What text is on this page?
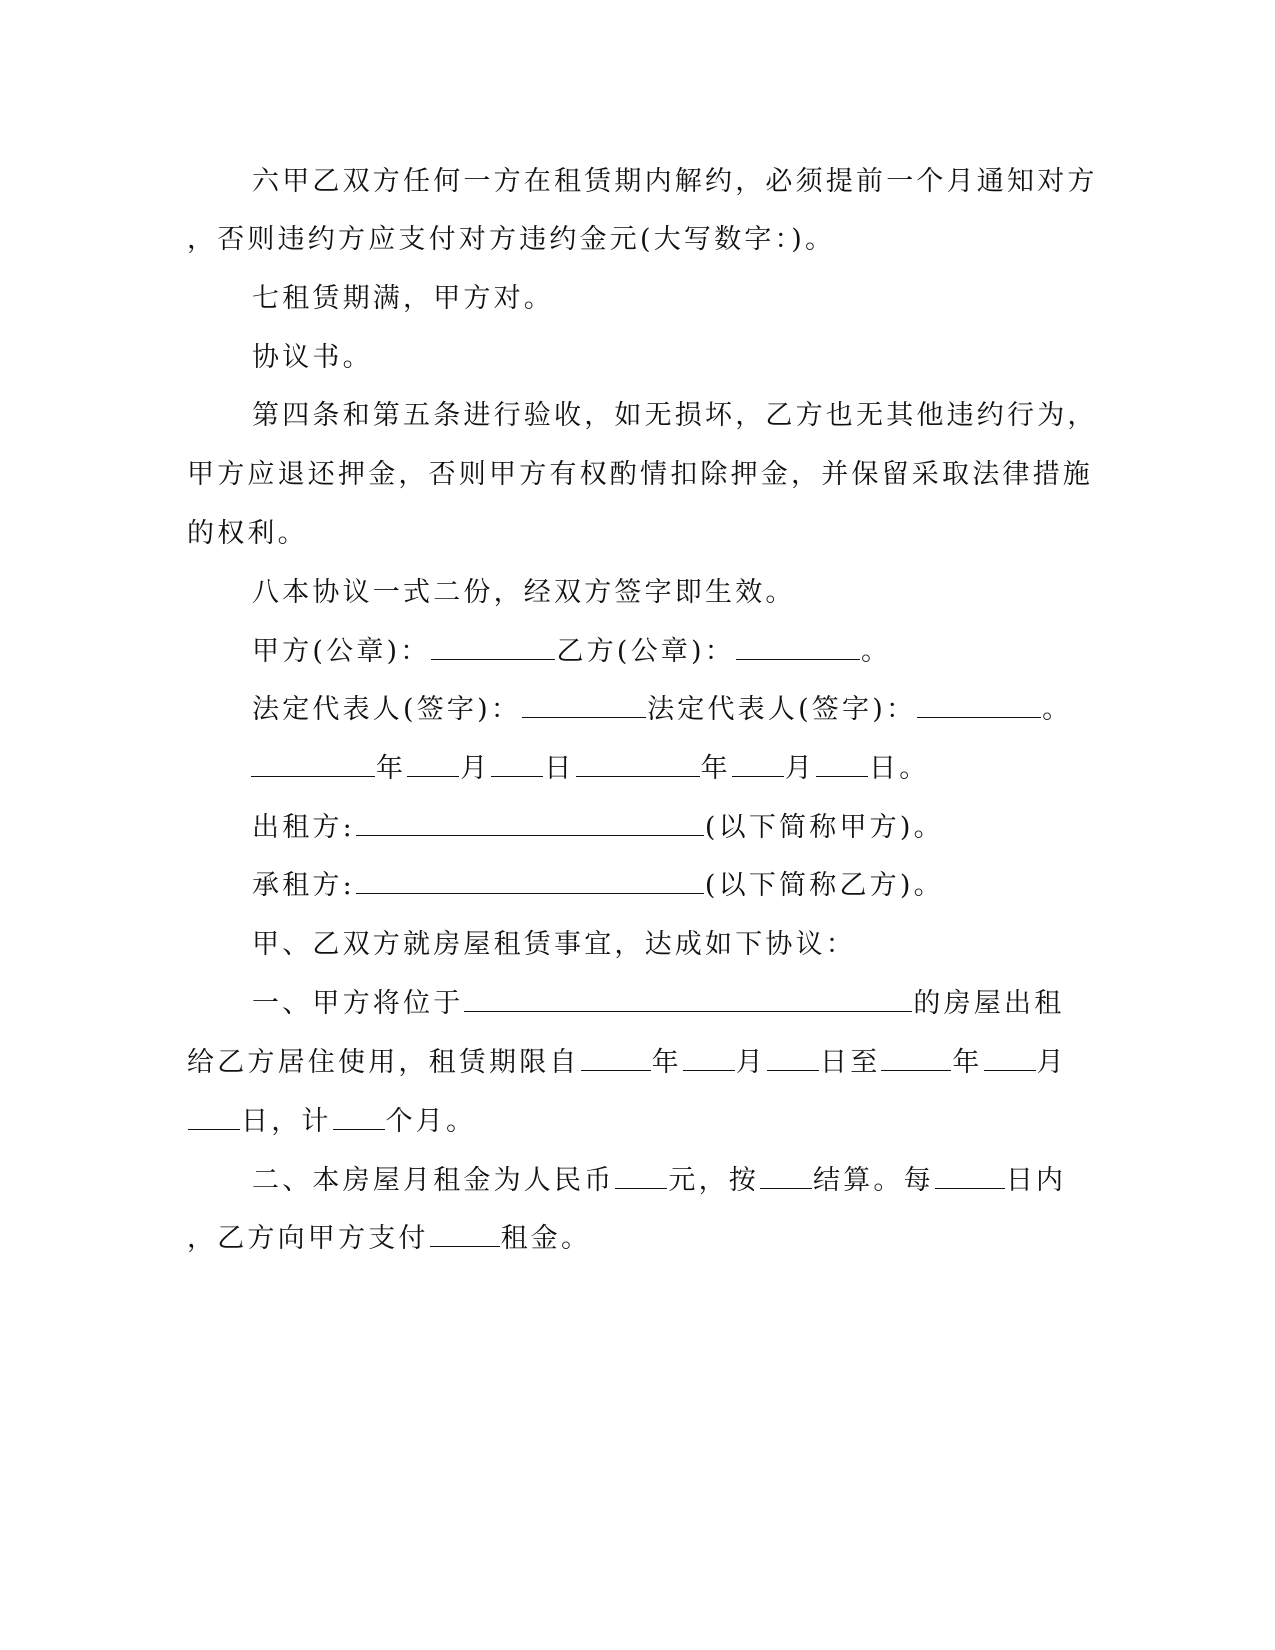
六甲乙双方任何一方在租赁期内解约，必须提前一个月通知对方
，否则违约方应支付对方违约金元(大写数字：)。
七租赁期满，甲方对。
协议书。
第四条和第五条进行验收，如无损坏，乙方也无其他违约行为，
甲方应退还押金，否则甲方有权酌情扣除押金，并保留采取法律措施
的权利。
八本协议一式二份，经双方签字即生效。
甲方(公章)：	乙方(公章)：	。
法定代表人(签字)：	法定代表人(签字)：	。
年 月 日	年 月 日。
出租方:	(以下简称甲方)。
承租方:	(以下简称乙方)。
甲、乙双方就房屋租赁事宜，达成如下协议：
一、甲方将位于	的房屋出租
给乙方居住使用，租赁期限自	年 月 日至	年 月
日，计 个月。
二、本房屋月租金为人民币 元，按 结算。每	日内
，乙方向甲方支付	租金。
